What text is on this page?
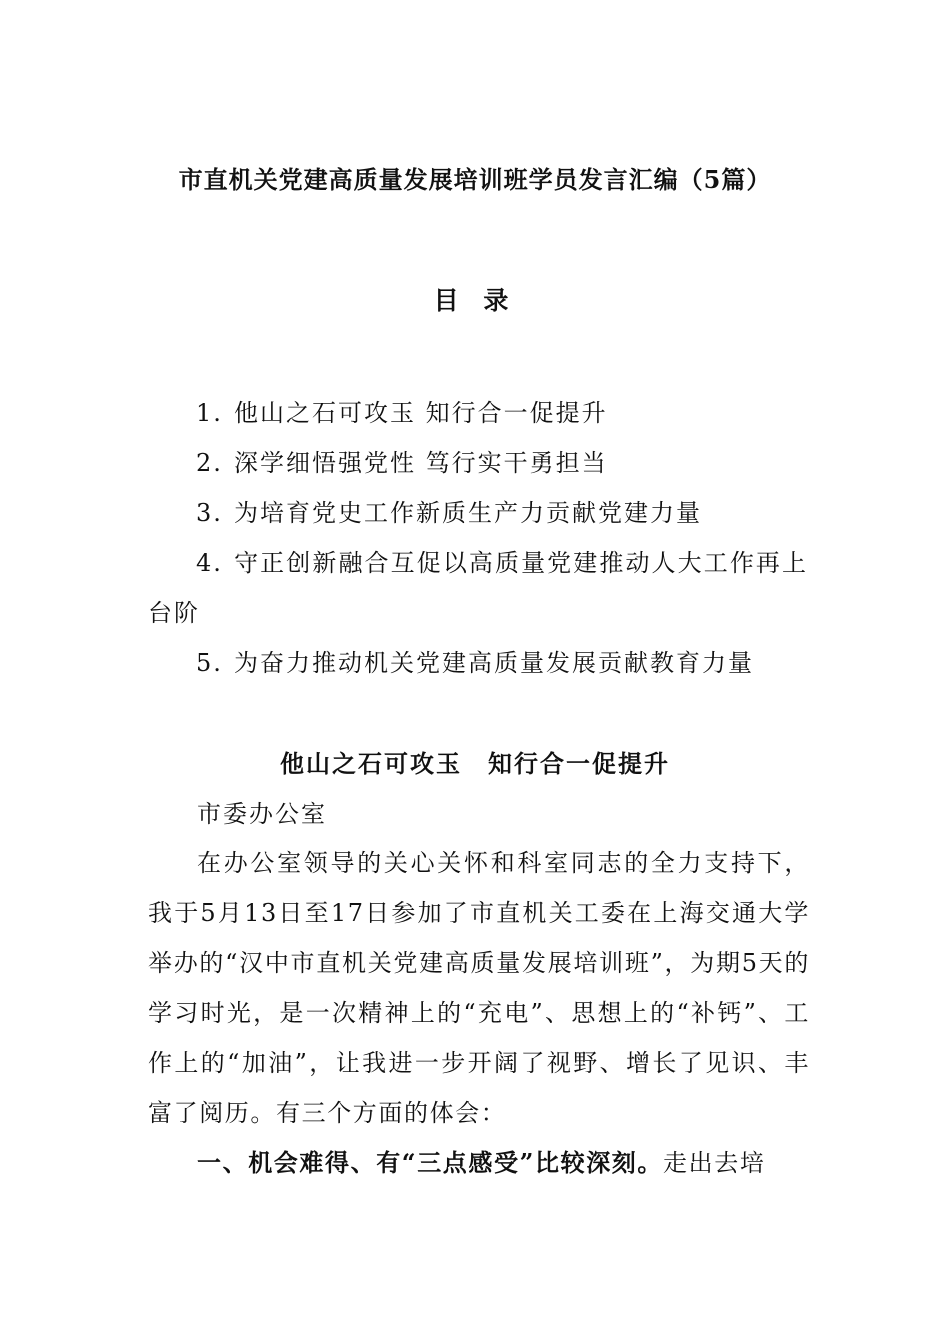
市直机关党建高质量发展培训班学员发言汇编（5篇）
目 录
1. 他山之石可攻玉 知行合一促提升
2. 深学细悟强党性 笃行实干勇担当
3. 为培育党史工作新质生产力贡献党建力量
4. 守正创新融合互促以高质量党建推动人大工作再上台阶
5. 为奋力推动机关党建高质量发展贡献教育力量
他山之石可攻玉　知行合一促提升
市委办公室
在办公室领导的关心关怀和科室同志的全力支持下，我于5月13日至17日参加了市直机关工委在上海交通大学举办的“汉中市直机关党建高质量发展培训班”，为期5天的学习时光，是一次精神上的“充电”、思想上的“补钙”、工作上的“加油”，让我进一步开阔了视野、增长了见识、丰富了阅历。有三个方面的体会：
一、机会难得、有“三点感受”比较深刻。走出去培
